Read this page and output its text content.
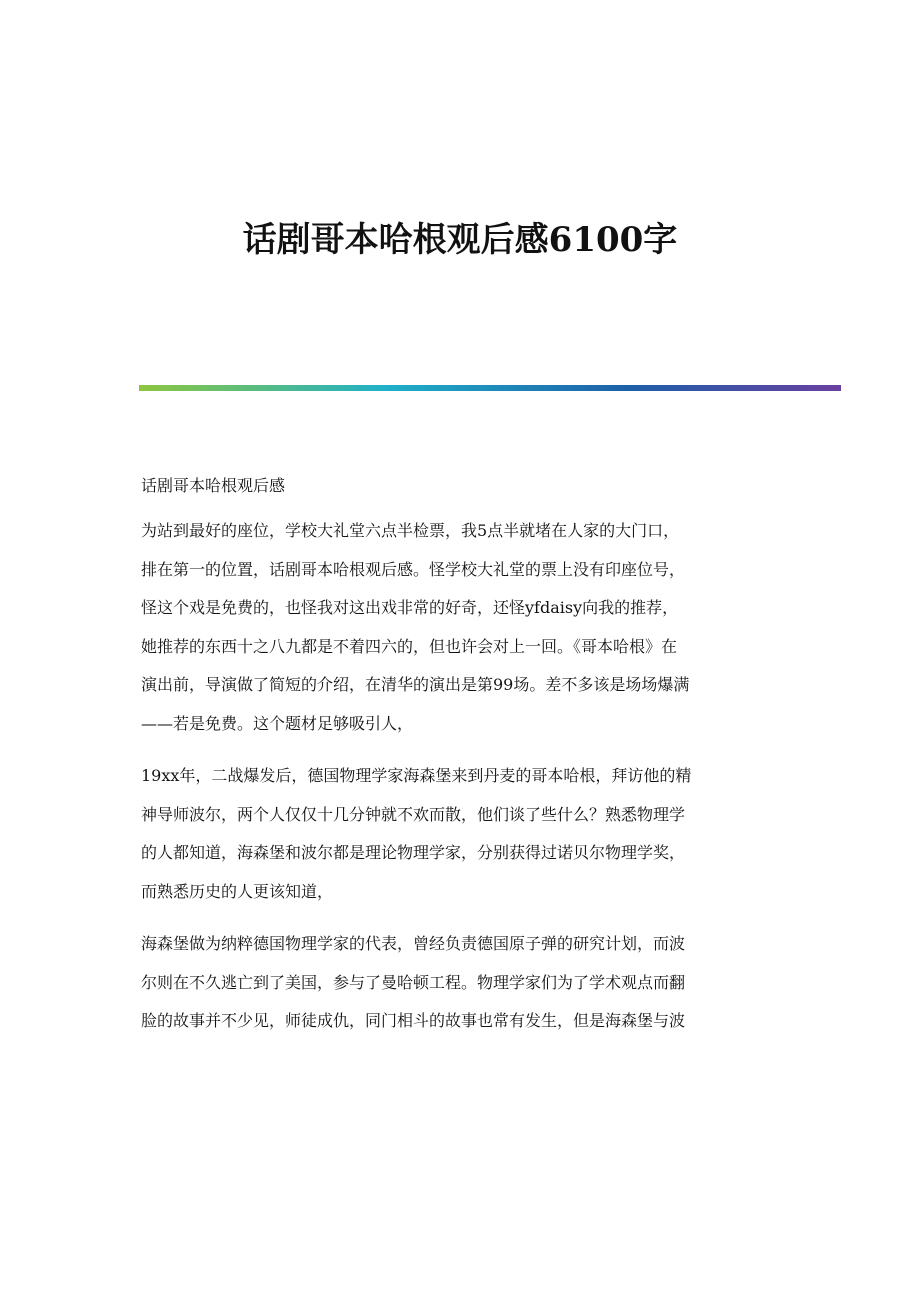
话剧哥本哈根观后感6100字

话剧哥本哈根观后感

为站到最好的座位，学校大礼堂六点半检票，我5点半就堵在人家的大门口，
排在第一的位置，话剧哥本哈根观后感。怪学校大礼堂的票上没有印座位号，
怪这个戏是免费的，也怪我对这出戏非常的好奇，还怪yfdaisy向我的推荐，
她推荐的东西十之八九都是不着四六的，但也许会对上一回。《哥本哈根》在
演出前，导演做了简短的介绍，在清华的演出是第99场。差不多该是场场爆满
——若是免费。这个题材足够吸引人，

19xx年，二战爆发后，德国物理学家海森堡来到丹麦的哥本哈根，拜访他的精
神导师波尔，两个人仅仅十几分钟就不欢而散，他们谈了些什么？熟悉物理学
的人都知道，海森堡和波尔都是理论物理学家，分别获得过诺贝尔物理学奖，
而熟悉历史的人更该知道，

海森堡做为纳粹德国物理学家的代表，曾经负责德国原子弹的研究计划，而波
尔则在不久逃亡到了美国，参与了曼哈顿工程。物理学家们为了学术观点而翻
脸的故事并不少见，师徒成仇，同门相斗的故事也常有发生，但是海森堡与波
